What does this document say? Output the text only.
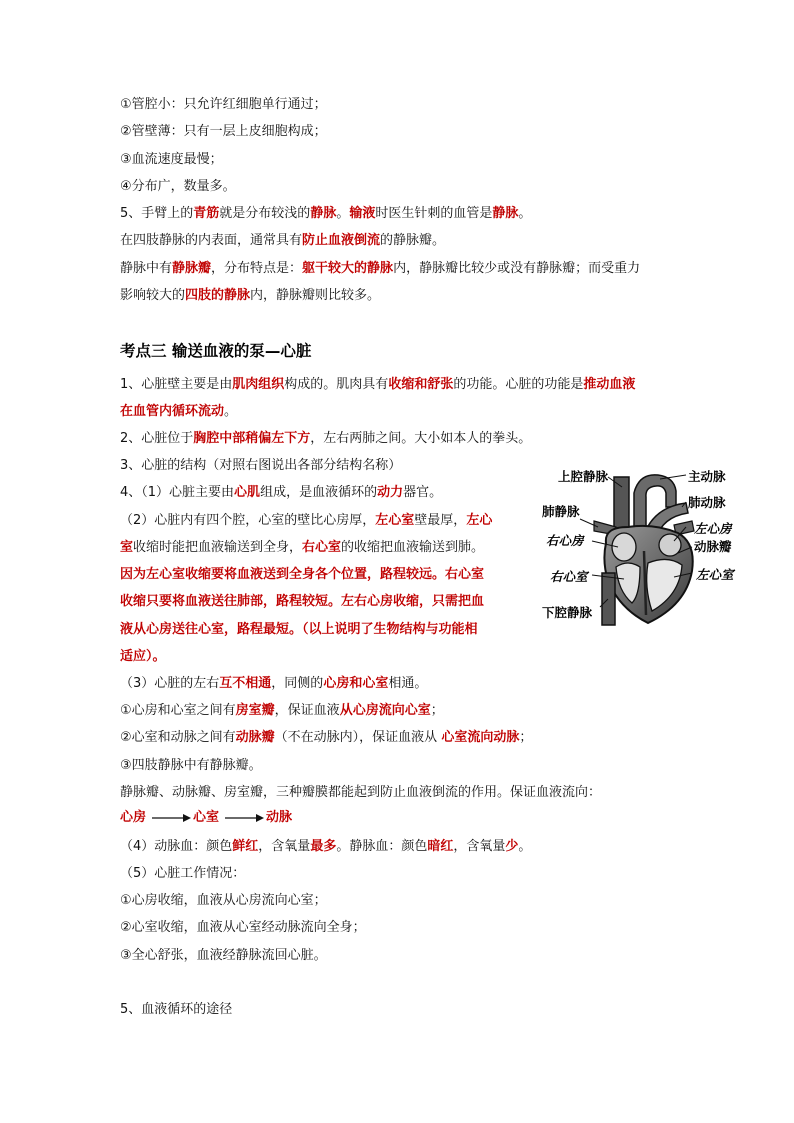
①管腔小：只允许红细胞单行通过；
②管壁薄：只有一层上皮细胞构成；
③血流速度最慢；
④分布广，数量多。
5、手臂上的青筋就是分布较浅的静脉。输液时医生针刺的血管是静脉。
在四肢静脉的内表面，通常具有防止血液倒流的静脉瓣。
静脉中有静脉瓣，分布特点是：躯干较大的静脉内，静脉瓣比较少或没有静脉瓣；而受重力
影响较大的四肢的静脉内，静脉瓣则比较多。
考点三 输送血液的泵—心脏
1、心脏壁主要是由肌肉组织构成的。肌肉具有收缩和舒张的功能。心脏的功能是推动血液
在血管内循环流动。
2、心脏位于胸腔中部稍偏左下方，左右两肺之间。大小如本人的拳头。
3、心脏的结构（对照右图说出各部分结构名称）
4、（1）心脏主要由心肌组成，是血液循环的动力器官。
（2）心脏内有四个腔，心室的壁比心房厚，左心室壁最厚，左心
室收缩时能把血液输送到全身，右心室的收缩把血液输送到肺。
因为左心室收缩要将血液送到全身各个位置，路程较远。右心室
收缩只要将血液送往肺部，路程较短。左右心房收缩，只需把血
液从心房送往心室，路程最短。（以上说明了生物结构与功能相
适应）。
（3）心脏的左右互不相通，同侧的心房和心室相通。
①心房和心室之间有房室瓣，保证血液从心房流向心室；
②心室和动脉之间有动脉瓣（不在动脉内），保证血液从 心室流向动脉；
③四肢静脉中有静脉瓣。
静脉瓣、动脉瓣、房室瓣，三种瓣膜都能起到防止血液倒流的作用。保证血液流向：
（4）动脉血：颜色鲜红，含氧量最多。静脉血：颜色暗红，含氧量少。
（5）心脏工作情况：
①心房收缩，血液从心房流向心室；
②心室收缩，血液从心室经动脉流向全身；
③全心舒张，血液经静脉流回心脏。
5、血液循环的途径
心房	心室	动脉
上腔静脉	主动脉
肺动脉
肺静脉
左心房
动脉瓣
右心房
右心室	左心室
下腔静脉
